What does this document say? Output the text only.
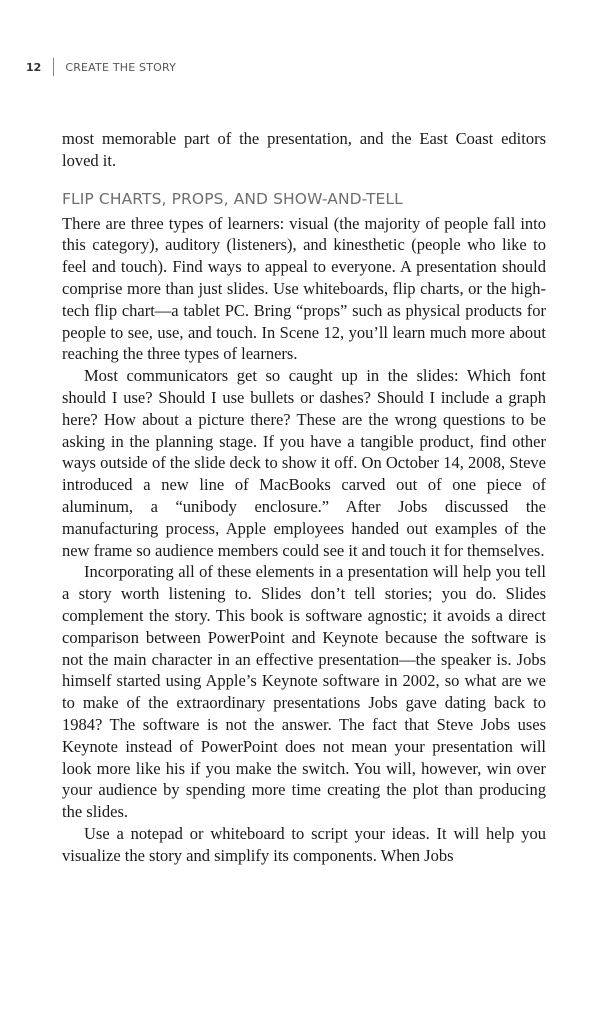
12 CREATE THE STORY

most memorable part of the presentation, and the East Coast editors loved it.

FLIP CHARTS, PROPS, AND SHOW-AND-TELL

There are three types of learners: visual (the majority of people fall into this category), auditory (listeners), and kinesthetic (people who like to feel and touch). Find ways to appeal to everyone. A presentation should comprise more than just slides. Use whiteboards, flip charts, or the high-tech flip chart—a tablet PC. Bring “props” such as physical products for people to see, use, and touch. In Scene 12, you’ll learn much more about reaching the three types of learners.

Most communicators get so caught up in the slides: Which font should I use? Should I use bullets or dashes? Should I include a graph here? How about a picture there? These are the wrong questions to be asking in the planning stage. If you have a tangible product, find other ways outside of the slide deck to show it off. On October 14, 2008, Steve introduced a new line of MacBooks carved out of one piece of aluminum, a “unibody enclosure.” After Jobs discussed the manufacturing process, Apple employees handed out examples of the new frame so audience members could see it and touch it for themselves.

Incorporating all of these elements in a presentation will help you tell a story worth listening to. Slides don’t tell stories; you do. Slides complement the story. This book is software agnostic; it avoids a direct comparison between PowerPoint and Keynote because the software is not the main character in an effective presentation—the speaker is. Jobs himself started using Apple’s Keynote software in 2002, so what are we to make of the extraordinary presentations Jobs gave dating back to 1984? The software is not the answer. The fact that Steve Jobs uses Keynote instead of PowerPoint does not mean your presentation will look more like his if you make the switch. You will, however, win over your audience by spending more time creating the plot than producing the slides.

Use a notepad or whiteboard to script your ideas. It will help you visualize the story and simplify its components. When Jobs
